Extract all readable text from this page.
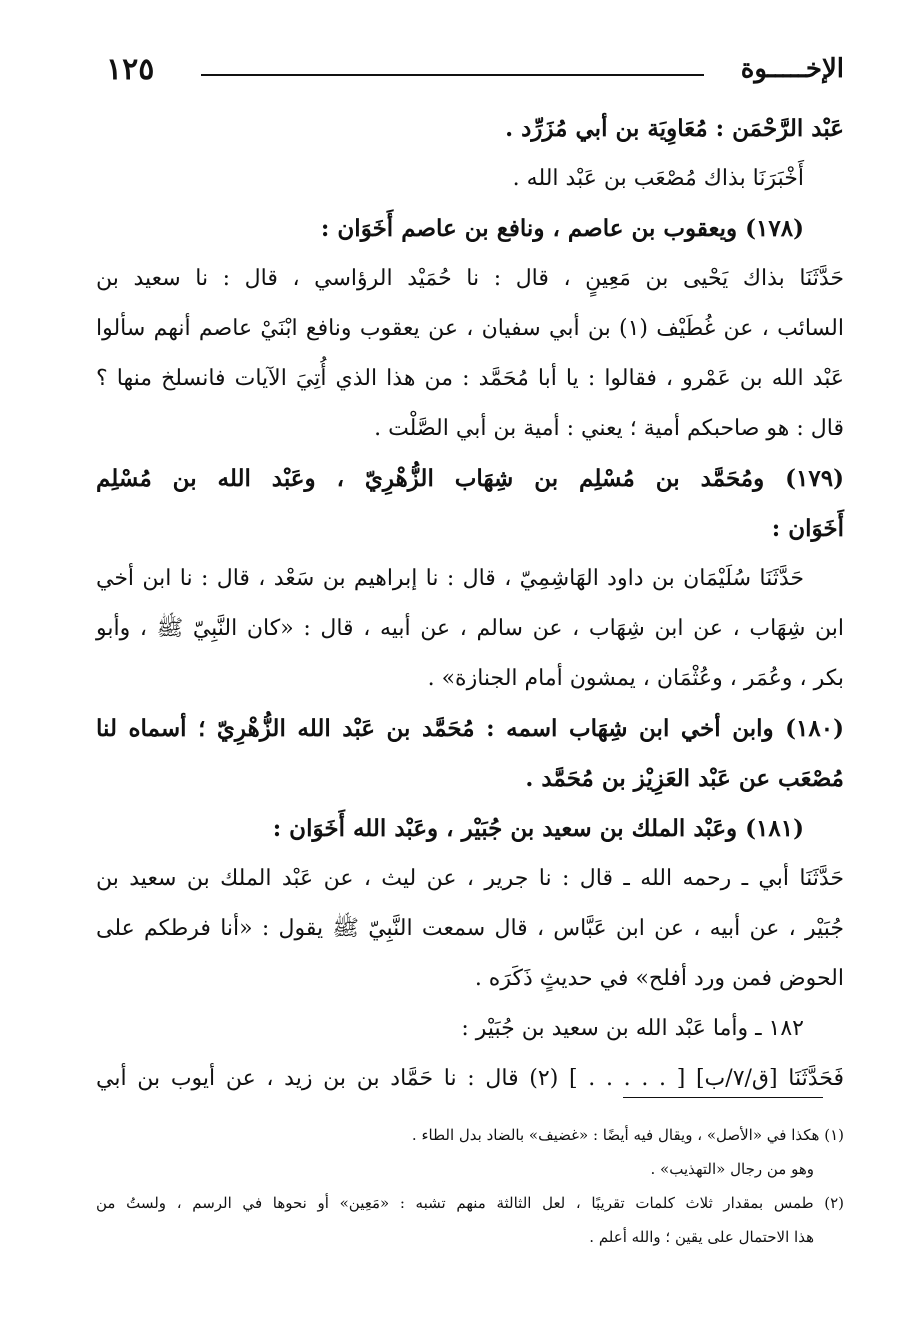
الإخـــــوة
١٢٥
عَبْد الرَّحْمَن : مُعَاوِيَة بن أبي مُزَرِّد .
أَخْبَرَنَا بذاك مُصْعَب بن عَبْد الله .
(١٧٨) ويعقوب بن عاصم ، ونافع بن عاصم أَخَوَان :
حَدَّثَنَا بذاك يَحْيى بن مَعِينٍ ، قال : نا حُمَيْد الرؤاسي ، قال : نا سعيد بن
السائب ، عن غُطَيْف (١) بن أبي سفيان ، عن يعقوب ونافع ابْنَيْ عاصم أنهم سألوا
عَبْد الله بن عَمْرو ، فقالوا : يا أبا مُحَمَّد : من هذا الذي أُتِيَ الآيات فانسلخ منها ؟
قال : هو صاحبكم أمية ؛ يعني : أمية بن أبي الصَّلْت .
(١٧٩) ومُحَمَّد بن مُسْلِم بن شِهَاب الزُّهْرِيّ ، وعَبْد الله بن مُسْلِم
أَخَوَان :
حَدَّثَنَا سُلَيْمَان بن داود الهَاشِمِيّ ، قال : نا إبراهيم بن سَعْد ، قال : نا ابن أخي
ابن شِهَاب ، عن ابن شِهَاب ، عن سالم ، عن أبيه ، قال : «كان النَّبِيّ ﷺ ، وأبو
بكر ، وعُمَر ، وعُثْمَان ، يمشون أمام الجنازة» .
(١٨٠) وابن أخي ابن شِهَاب اسمه : مُحَمَّد بن عَبْد الله الزُّهْرِيّ ؛ أسماه لنا
مُصْعَب عن عَبْد العَزِيْز بن مُحَمَّد .
(١٨١) وعَبْد الملك بن سعيد بن جُبَيْر ، وعَبْد الله أَخَوَان :
حَدَّثَنَا أبي ـ رحمه الله ـ قال : نا جرير ، عن ليث ، عن عَبْد الملك بن سعيد بن
جُبَيْر ، عن أبيه ، عن ابن عَبَّاس ، قال سمعت النَّبِيّ ﷺ يقول : «أنا فرطكم على
الحوض فمن ورد أفلح» في حديثٍ ذَكَرَه .
١٨٢ ـ وأما عَبْد الله بن سعيد بن جُبَيْر :
فَحَدَّثَنَا [ق/٧/ب] [ . . . . . ] (٢) قال : نا حَمَّاد بن بن زيد ، عن أيوب بن أبي
(١) هكذا في «الأصل» ، ويقال فيه أيضًا : «غضيف» بالضاد بدل الطاء .
وهو من رجال «التهذيب» .
(٢) طمس بمقدار ثلاث كلمات تقريبًا ، لعل الثالثة منهم تشبه : «مَعِين» أو نحوها في الرسم ، ولستُ من
هذا الاحتمال على يقين ؛ والله أعلم .
